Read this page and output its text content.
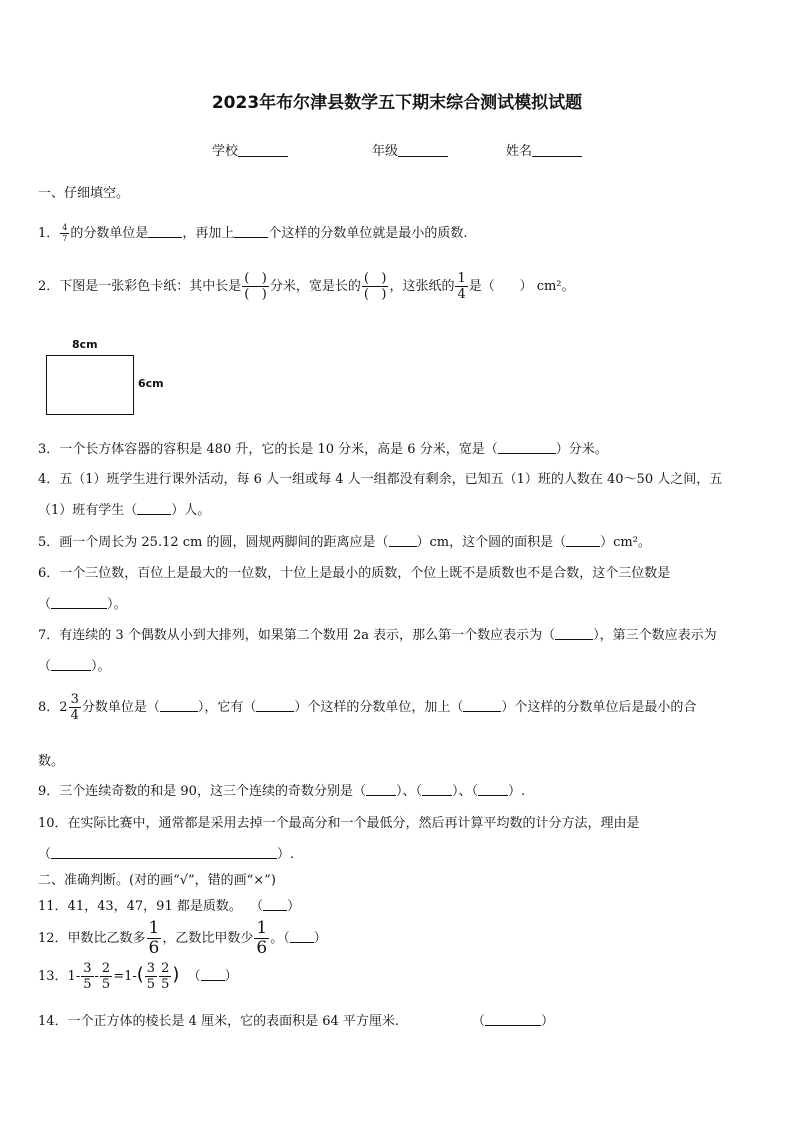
2023年布尔津县数学五下期末综合测试模拟试题
学校	年级	姓名
一、仔细填空。
1． $\frac{4}{7}$ 的分数单位是	，再加上	个这样的分数单位就是最小的质数.
2．下图是一张彩色卡纸：其中长是 $\frac{( )}{( )}$ 分米，宽是长的 $\frac{( )}{( )}$ ，这张纸的 $\frac{1}{4}$ 是（ ） cm²。
8cm
6cm
3．一个长方体容器的容积是 480 升，它的长是 10 分米，高是 6 分米，宽是（	）分米。
4．五（1）班学生进行课外活动，每 6 人一组或每 4 人一组都没有剩余，已知五（1）班的人数在 40～50 人之间，五
（1）班有学生（	）人。
5．画一个周长为 25.12 cm 的圆，圆规两脚间的距离应是（ ）cm，这个圆的面积是（	）cm²。
6．一个三位数，百位上是最大的一位数，十位上是最小的质数，个位上既不是质数也不是合数，这个三位数是
（	）。
7．有连续的 3 个偶数从小到大排列，如果第二个数用 2a 表示，那么第一个数应表示为（	），第三个数应表示为
（	）。
8． $2 \frac{3}{4}$ 分数单位是（	），它有（	）个这样的分数单位，加上（	）个这样的分数单位后是最小的合
数。
9．三个连续奇数的和是 90，这三个连续的奇数分别是（ ）、（ ）、（ ）.
10．在实际比赛中，通常都是采用去掉一个最高分和一个最低分，然后再计算平均数的计分方法，理由是
（	）.
二、准确判断。(对的画“√”，错的画“×”)
11．41，43，47，91 都是质数。 （ ）
12．甲数比乙数多 $\frac{1}{6}$ ，乙数比甲数少 $\frac{1}{6}$ 。（ ）
13．$1- \frac{3}{5} - \frac{2}{5} =1-( \frac{3}{5} \frac{2}{5}$ ) （ ）
14．一个正方体的棱长是 4 厘米，它的表面积是 64 平方厘米.	（	）
